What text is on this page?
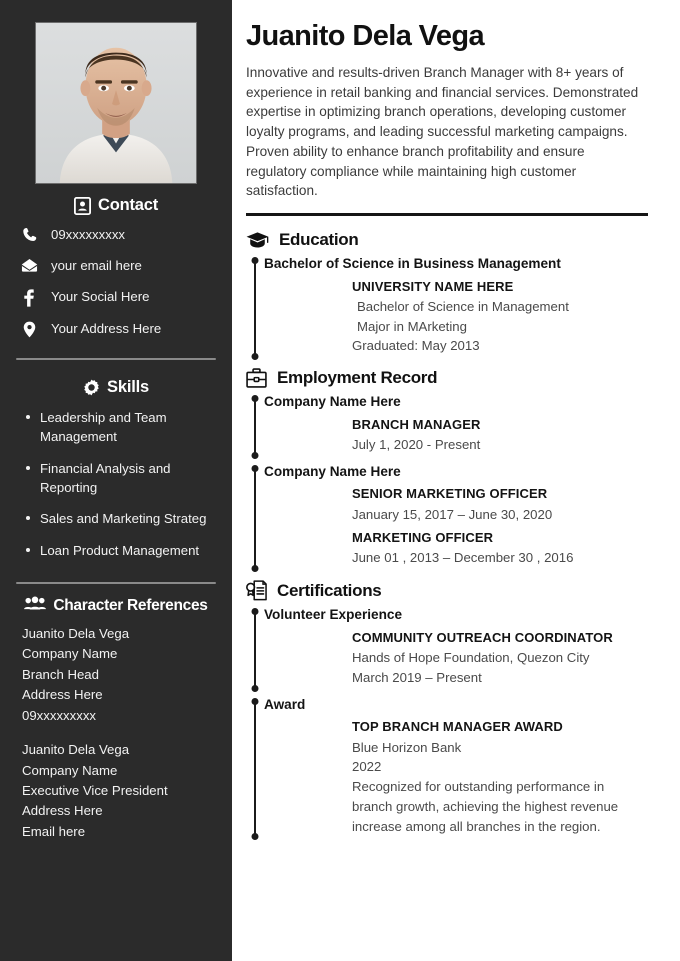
Contact
09xxxxxxxxx
your email here
Your Social Here
Your Address Here
Skills
Leadership and Team Management
Financial Analysis and Reporting
Sales and Marketing Strateg
Loan Product Management
Character References
Juanito Dela Vega
Company Name
Branch Head
Address Here
09xxxxxxxxx
Juanito Dela Vega
Company Name
Executive Vice President
Address Here
Email here
Juanito Dela Vega

Innovative and results-driven Branch Manager with 8+ years of experience in retail banking and financial services. Demonstrated expertise in optimizing branch operations, developing customer loyalty programs, and leading successful marketing campaigns. Proven ability to enhance branch profitability and ensure regulatory compliance while maintaining high customer satisfaction.

Education
Bachelor of Science in Business Management
UNIVERSITY NAME HERE
Bachelor of Science in Management
Major in MArketing
Graduated: May 2013
Employment Record
Company Name Here
BRANCH MANAGER
July 1, 2020 - Present
Company Name Here
SENIOR MARKETING OFFICER
January 15, 2017 – June 30, 2020
MARKETING OFFICER
June 01 , 2013 – December 30 , 2016
Certifications
Volunteer Experience
COMMUNITY OUTREACH COORDINATOR
Hands of Hope Foundation, Quezon City
March 2019 – Present
Award
TOP BRANCH MANAGER AWARD
Blue Horizon Bank
2022
Recognized for outstanding performance in branch growth, achieving the highest revenue increase among all branches in the region.
